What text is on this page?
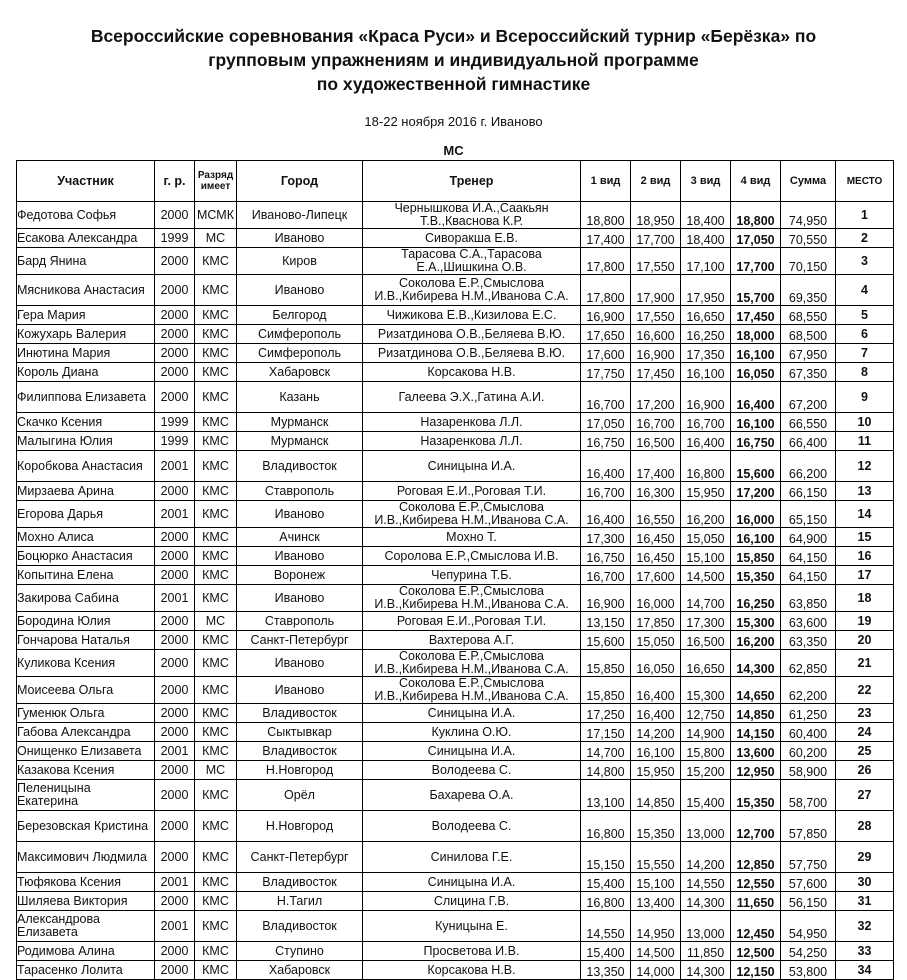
Всероссийские соревнования «Краса Руси» и Всероссийский турнир «Берёзка» по
групповым упражнениям и индивидуальной программе
по художественной гимнастике
18-22 ноября 2016 г. Иваново
МС
Участник	г. р.	Разряд имеет	Город	Тренер	1 вид	2 вид	3 вид	4 вид	Сумма	МЕСТО
Федотова Софья	2000	МСМК	Иваново-Липецк	Чернышкова И.А.,Саакьян Т.В.,Кваснова К.Р.	18,800	18,950	18,400	18,800	74,950	1
Есакова Александра	1999	МС	Иваново	Сиворакша Е.В.	17,400	17,700	18,400	17,050	70,550	2
Бард Янина	2000	КМС	Киров	Тарасова С.А.,Тарасова Е.А.,Шишкина О.В.	17,800	17,550	17,100	17,700	70,150	3
Мясникова Анастасия	2000	КМС	Иваново	Соколова Е.Р.,Смыслова И.В.,Кибирева Н.М.,Иванова С.А.	17,800	17,900	17,950	15,700	69,350	4
Гера Мария	2000	КМС	Белгород	Чижикова Е.В.,Кизилова Е.С.	16,900	17,550	16,650	17,450	68,550	5
Кожухарь Валерия	2000	КМС	Симферополь	Ризатдинова О.В.,Беляева В.Ю.	17,650	16,600	16,250	18,000	68,500	6
Инютина Мария	2000	КМС	Симферополь	Ризатдинова О.В.,Беляева В.Ю.	17,600	16,900	17,350	16,100	67,950	7
Король Диана	2000	КМС	Хабаровск	Корсакова Н.В.	17,750	17,450	16,100	16,050	67,350	8
Филиппова Елизавета	2000	КМС	Казань	Галеева Э.Х.,Гатина А.И.	16,700	17,200	16,900	16,400	67,200	9
Скачко Ксения	1999	КМС	Мурманск	Назаренкова Л.Л.	17,050	16,700	16,700	16,100	66,550	10
Малыгина Юлия	1999	КМС	Мурманск	Назаренкова Л.Л.	16,750	16,500	16,400	16,750	66,400	11
Коробкова Анастасия	2001	КМС	Владивосток	Синицына И.А.	16,400	17,400	16,800	15,600	66,200	12
Мирзаева Арина	2000	КМС	Ставрополь	Роговая Е.И.,Роговая Т.И.	16,700	16,300	15,950	17,200	66,150	13
Егорова Дарья	2001	КМС	Иваново	Соколова Е.Р.,Смыслова И.В.,Кибирева Н.М.,Иванова С.А.	16,400	16,550	16,200	16,000	65,150	14
Мохно Алиса	2000	КМС	Ачинск	Мохно Т.	17,300	16,450	15,050	16,100	64,900	15
Боцюрко Анастасия	2000	КМС	Иваново	Соролова Е.Р.,Смыслова И.В.	16,750	16,450	15,100	15,850	64,150	16
Копытина Елена	2000	КМС	Воронеж	Чепурина Т.Б.	16,700	17,600	14,500	15,350	64,150	17
Закирова Сабина	2001	КМС	Иваново	Соколова Е.Р.,Смыслова И.В.,Кибирева Н.М.,Иванова С.А.	16,900	16,000	14,700	16,250	63,850	18
Бородина Юлия	2000	МС	Ставрополь	Роговая Е.И.,Роговая Т.И.	13,150	17,850	17,300	15,300	63,600	19
Гончарова Наталья	2000	КМС	Санкт-Петербург	Вахтерова А.Г.	15,600	15,050	16,500	16,200	63,350	20
Куликова Ксения	2000	КМС	Иваново	Соколова Е.Р.,Смыслова И.В.,Кибирева Н.М.,Иванова С.А.	15,850	16,050	16,650	14,300	62,850	21
Моисеева Ольга	2000	КМС	Иваново	Соколова Е.Р.,Смыслова И.В.,Кибирева Н.М.,Иванова С.А.	15,850	16,400	15,300	14,650	62,200	22
Гуменюк Ольга	2000	КМС	Владивосток	Синицына И.А.	17,250	16,400	12,750	14,850	61,250	23
Габова Александра	2000	КМС	Сыктывкар	Куклина О.Ю.	17,150	14,200	14,900	14,150	60,400	24
Онищенко Елизавета	2001	КМС	Владивосток	Синицына И.А.	14,700	16,100	15,800	13,600	60,200	25
Казакова Ксения	2000	МС	Н.Новгород	Володеева С.	14,800	15,950	15,200	12,950	58,900	26
Пеленицына Екатерина	2000	КМС	Орёл	Бахарева О.А.	13,100	14,850	15,400	15,350	58,700	27
Березовская Кристина	2000	КМС	Н.Новгород	Володеева С.	16,800	15,350	13,000	12,700	57,850	28
Максимович Людмила	2000	КМС	Санкт-Петербург	Синилова Г.Е.	15,150	15,550	14,200	12,850	57,750	29
Тюфякова Ксения	2001	КМС	Владивосток	Синицына И.А.	15,400	15,100	14,550	12,550	57,600	30
Шиляева Виктория	2000	КМС	Н.Тагил	Слицина Г.В.	16,800	13,400	14,300	11,650	56,150	31
Александрова Елизавета	2001	КМС	Владивосток	Куницына Е.	14,550	14,950	13,000	12,450	54,950	32
Родимова Алина	2000	КМС	Ступино	Просветова И.В.	15,400	14,500	11,850	12,500	54,250	33
Тарасенко Лолита	2000	КМС	Хабаровск	Корсакова Н.В.	13,350	14,000	14,300	12,150	53,800	34
